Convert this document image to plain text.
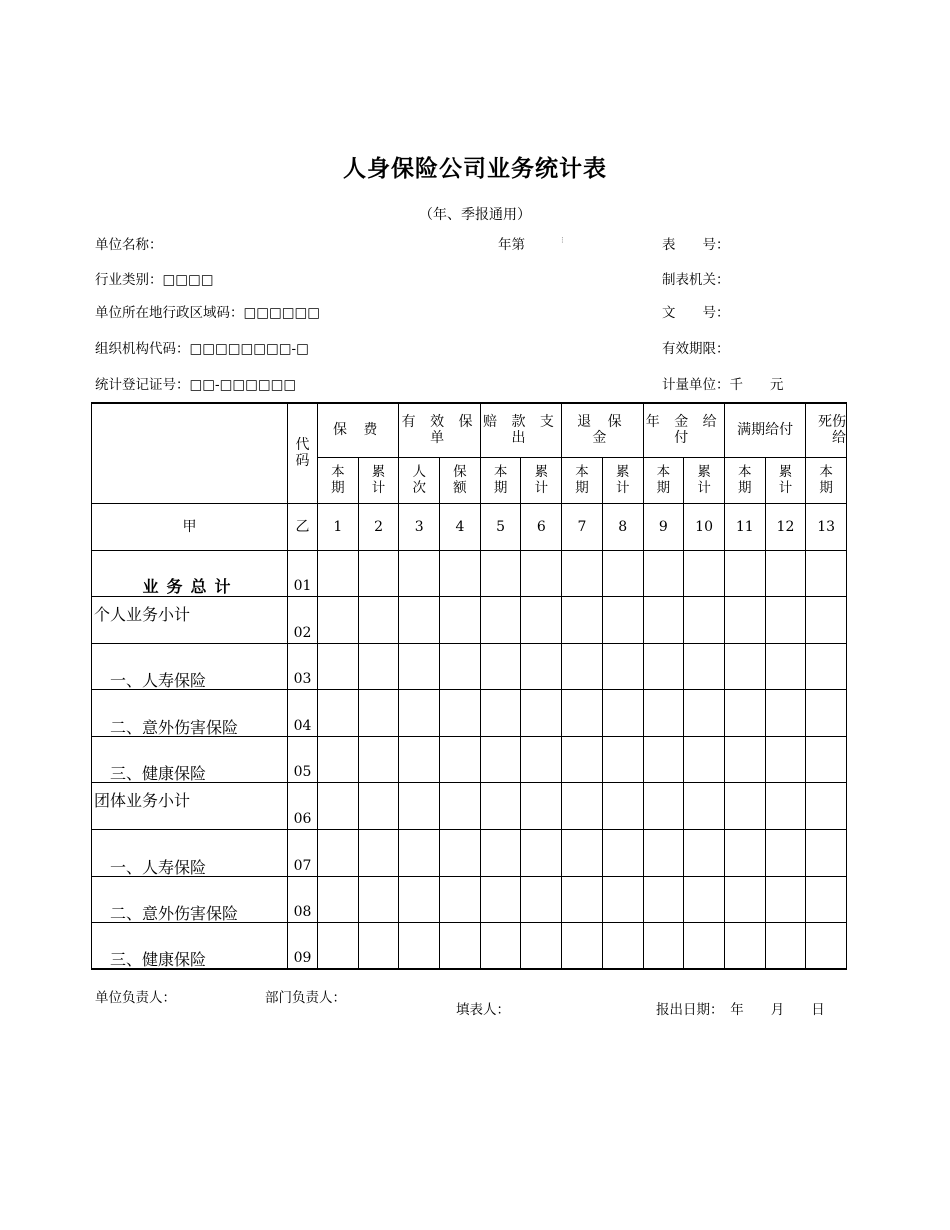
人身保险公司业务统计表
（年、季报通用）
单位名称：	年第	⁝	表　　号：
行业类别：□□□□	制表机关：
单位所在地行政区域码：□□□□□□	文　　号：
组织机构代码：□□□□□□□□-□	有效期限：
统计登记证号：□□-□□□□□□	计量单位：千　　元
	代码	保 费		有 效 保 单		赔 款 支 出		退 保 金		年 金 给 付		满期给付		死伤给
		本期	累计	人次	保额	本期	累计	本期	累计	本期	累计	本期	累计	本期
甲	乙	1	2	3	4	5	6	7	8	9	10	11	12	13
业务总计	01													
个人业务小计	02													
一、人寿保险	03													
二、意外伤害保险	04													
三、健康保险	05													
团体业务小计	06													
一、人寿保险	07													
二、意外伤害保险	08													
三、健康保险	09													
单位负责人：	部门负责人：
填表人：	报出日期：　年　　月　　日
